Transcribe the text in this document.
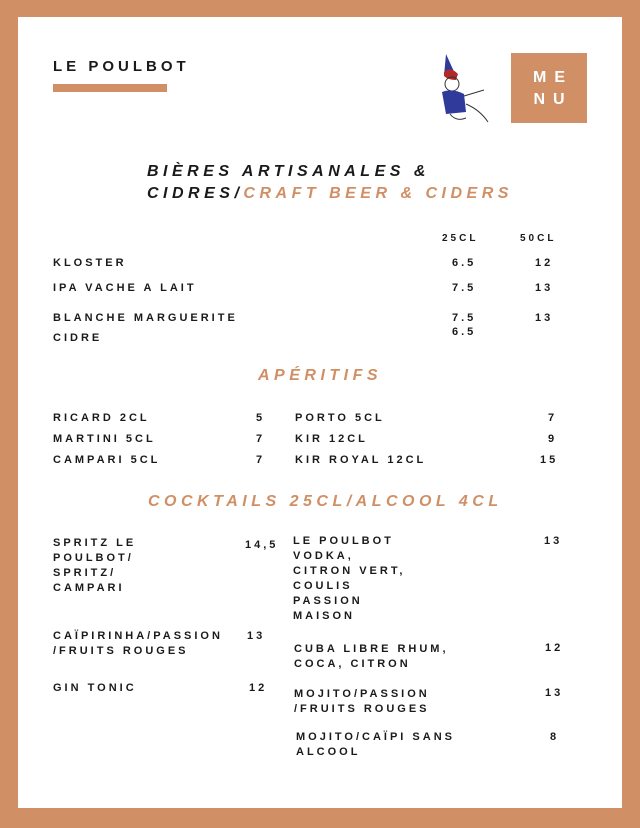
LE POULBOT
ME NU
BIÈRES ARTISANALES &
CIDRES/CRAFT BEER & CIDERS
25CL	50CL
KLOSTER	6.5	12
IPA VACHE A LAIT	7.5	13
BLANCHE MARGUERITE	7.5	13
CIDRE	6.5
APÉRITIFS
RICARD 2CL	5
MARTINI 5CL	7
CAMPARI 5CL	7
PORTO 5CL	7
KIR 12CL	9
KIR ROYAL 12CL	15
COCKTAILS 25CL/ALCOOL 4CL
SPRITZ LE
POULBOT/
SPRITZ/
CAMPARI
14,5
CAÏPIRINHA/PASSION
/FRUITS ROUGES
13
GIN TONIC	12
LE POULBOT
VODKA,
CITRON VERT,
COULIS
PASSION
MAISON
13
CUBA LIBRE RHUM,
COCA, CITRON
12
MOJITO/PASSION
/FRUITS ROUGES
13
MOJITO/CAÏPI SANS
ALCOOL
8
